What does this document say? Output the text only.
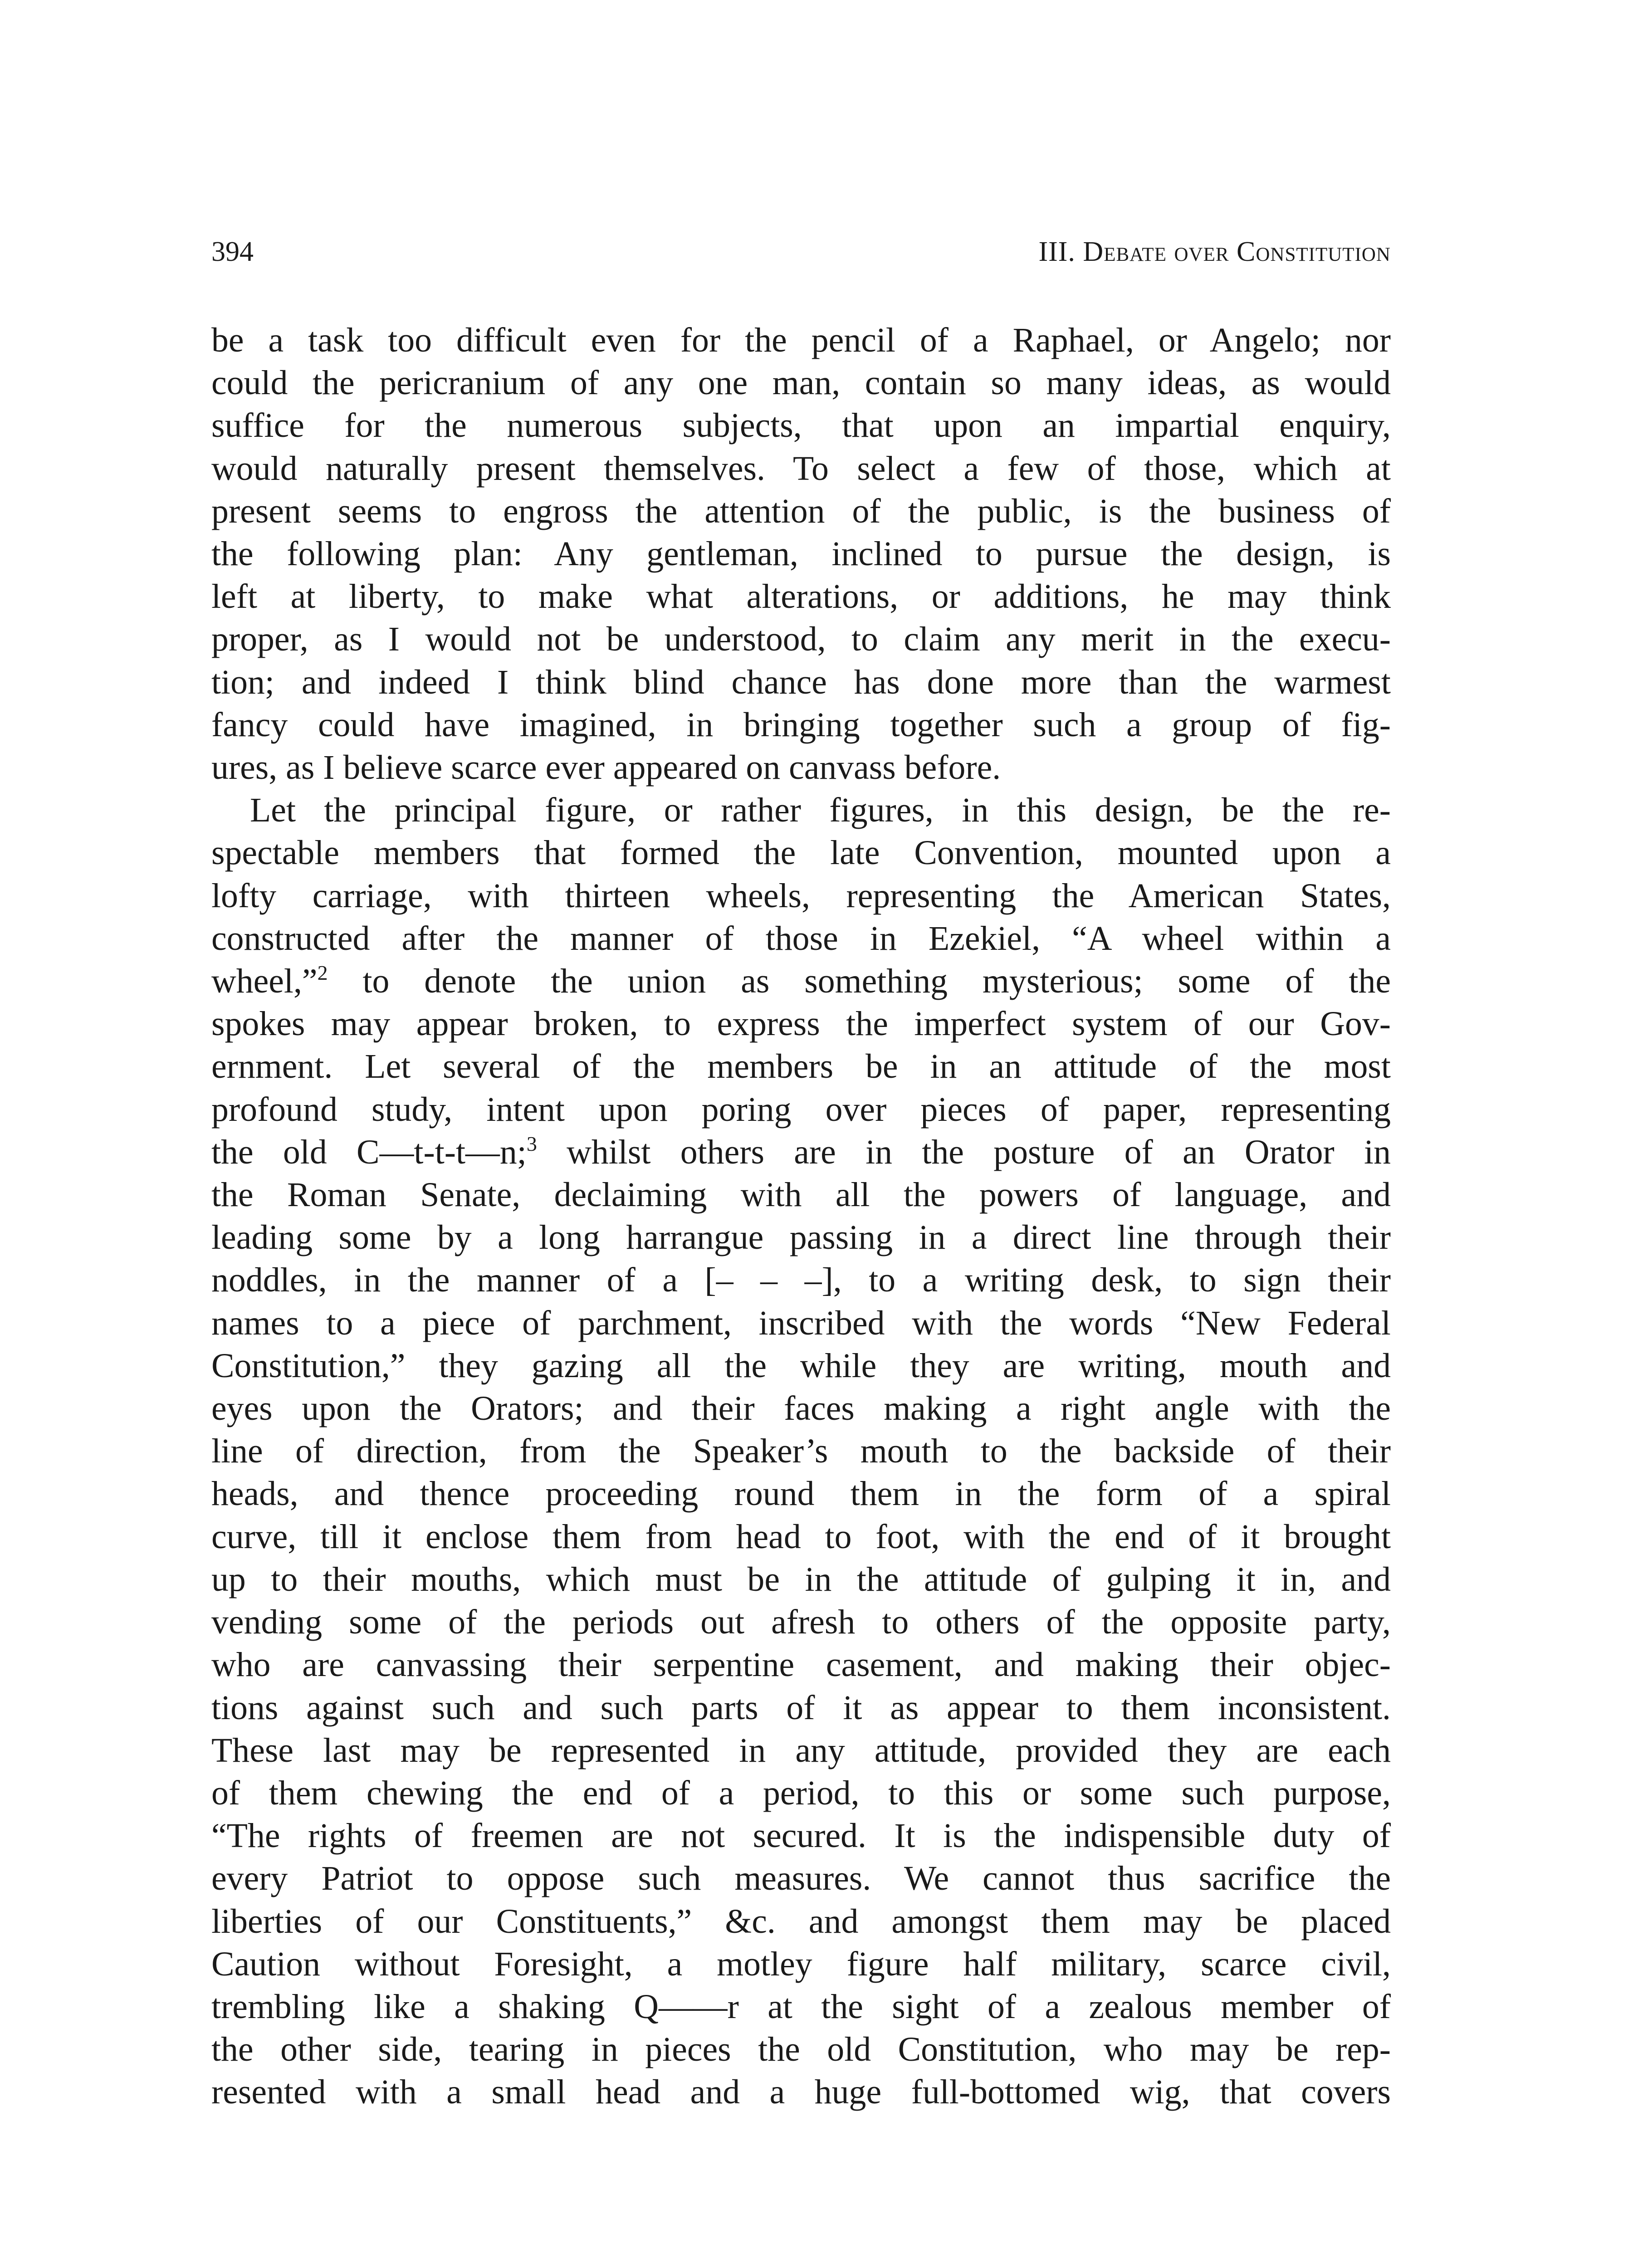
394	III. Debate over Constitution
be a task too difficult even for the pencil of a Raphael, or Angelo; nor
could the pericranium of any one man, contain so many ideas, as would
suffice for the numerous subjects, that upon an impartial enquiry,
would naturally present themselves. To select a few of those, which at
present seems to engross the attention of the public, is the business of
the following plan: Any gentleman, inclined to pursue the design, is
left at liberty, to make what alterations, or additions, he may think
proper, as I would not be understood, to claim any merit in the execu-
tion; and indeed I think blind chance has done more than the warmest
fancy could have imagined, in bringing together such a group of fig-
ures, as I believe scarce ever appeared on canvass before.
Let the principal figure, or rather figures, in this design, be the re-
spectable members that formed the late Convention, mounted upon a
lofty carriage, with thirteen wheels, representing the American States,
constructed after the manner of those in Ezekiel, “A wheel within a
wheel,”$^2$ to denote the union as something mysterious; some of the
spokes may appear broken, to express the imperfect system of our Gov-
ernment. Let several of the members be in an attitude of the most
profound study, intent upon poring over pieces of paper, representing
the old C—t-t-t—n;$^3$ whilst others are in the posture of an Orator in
the Roman Senate, declaiming with all the powers of language, and
leading some by a long harrangue passing in a direct line through their
noddles, in the manner of a [– – –], to a writing desk, to sign their
names to a piece of parchment, inscribed with the words “New Federal
Constitution,” they gazing all the while they are writing, mouth and
eyes upon the Orators; and their faces making a right angle with the
line of direction, from the Speaker’s mouth to the backside of their
heads, and thence proceeding round them in the form of a spiral
curve, till it enclose them from head to foot, with the end of it brought
up to their mouths, which must be in the attitude of gulping it in, and
vending some of the periods out afresh to others of the opposite party,
who are canvassing their serpentine casement, and making their objec-
tions against such and such parts of it as appear to them inconsistent.
These last may be represented in any attitude, provided they are each
of them chewing the end of a period, to this or some such purpose,
“The rights of freemen are not secured. It is the indispensible duty of
every Patriot to oppose such measures. We cannot thus sacrifice the
liberties of our Constituents,” &c. and amongst them may be placed
Caution without Foresight, a motley figure half military, scarce civil,
trembling like a shaking Q——r at the sight of a zealous member of
the other side, tearing in pieces the old Constitution, who may be rep-
resented with a small head and a huge full-bottomed wig, that covers
